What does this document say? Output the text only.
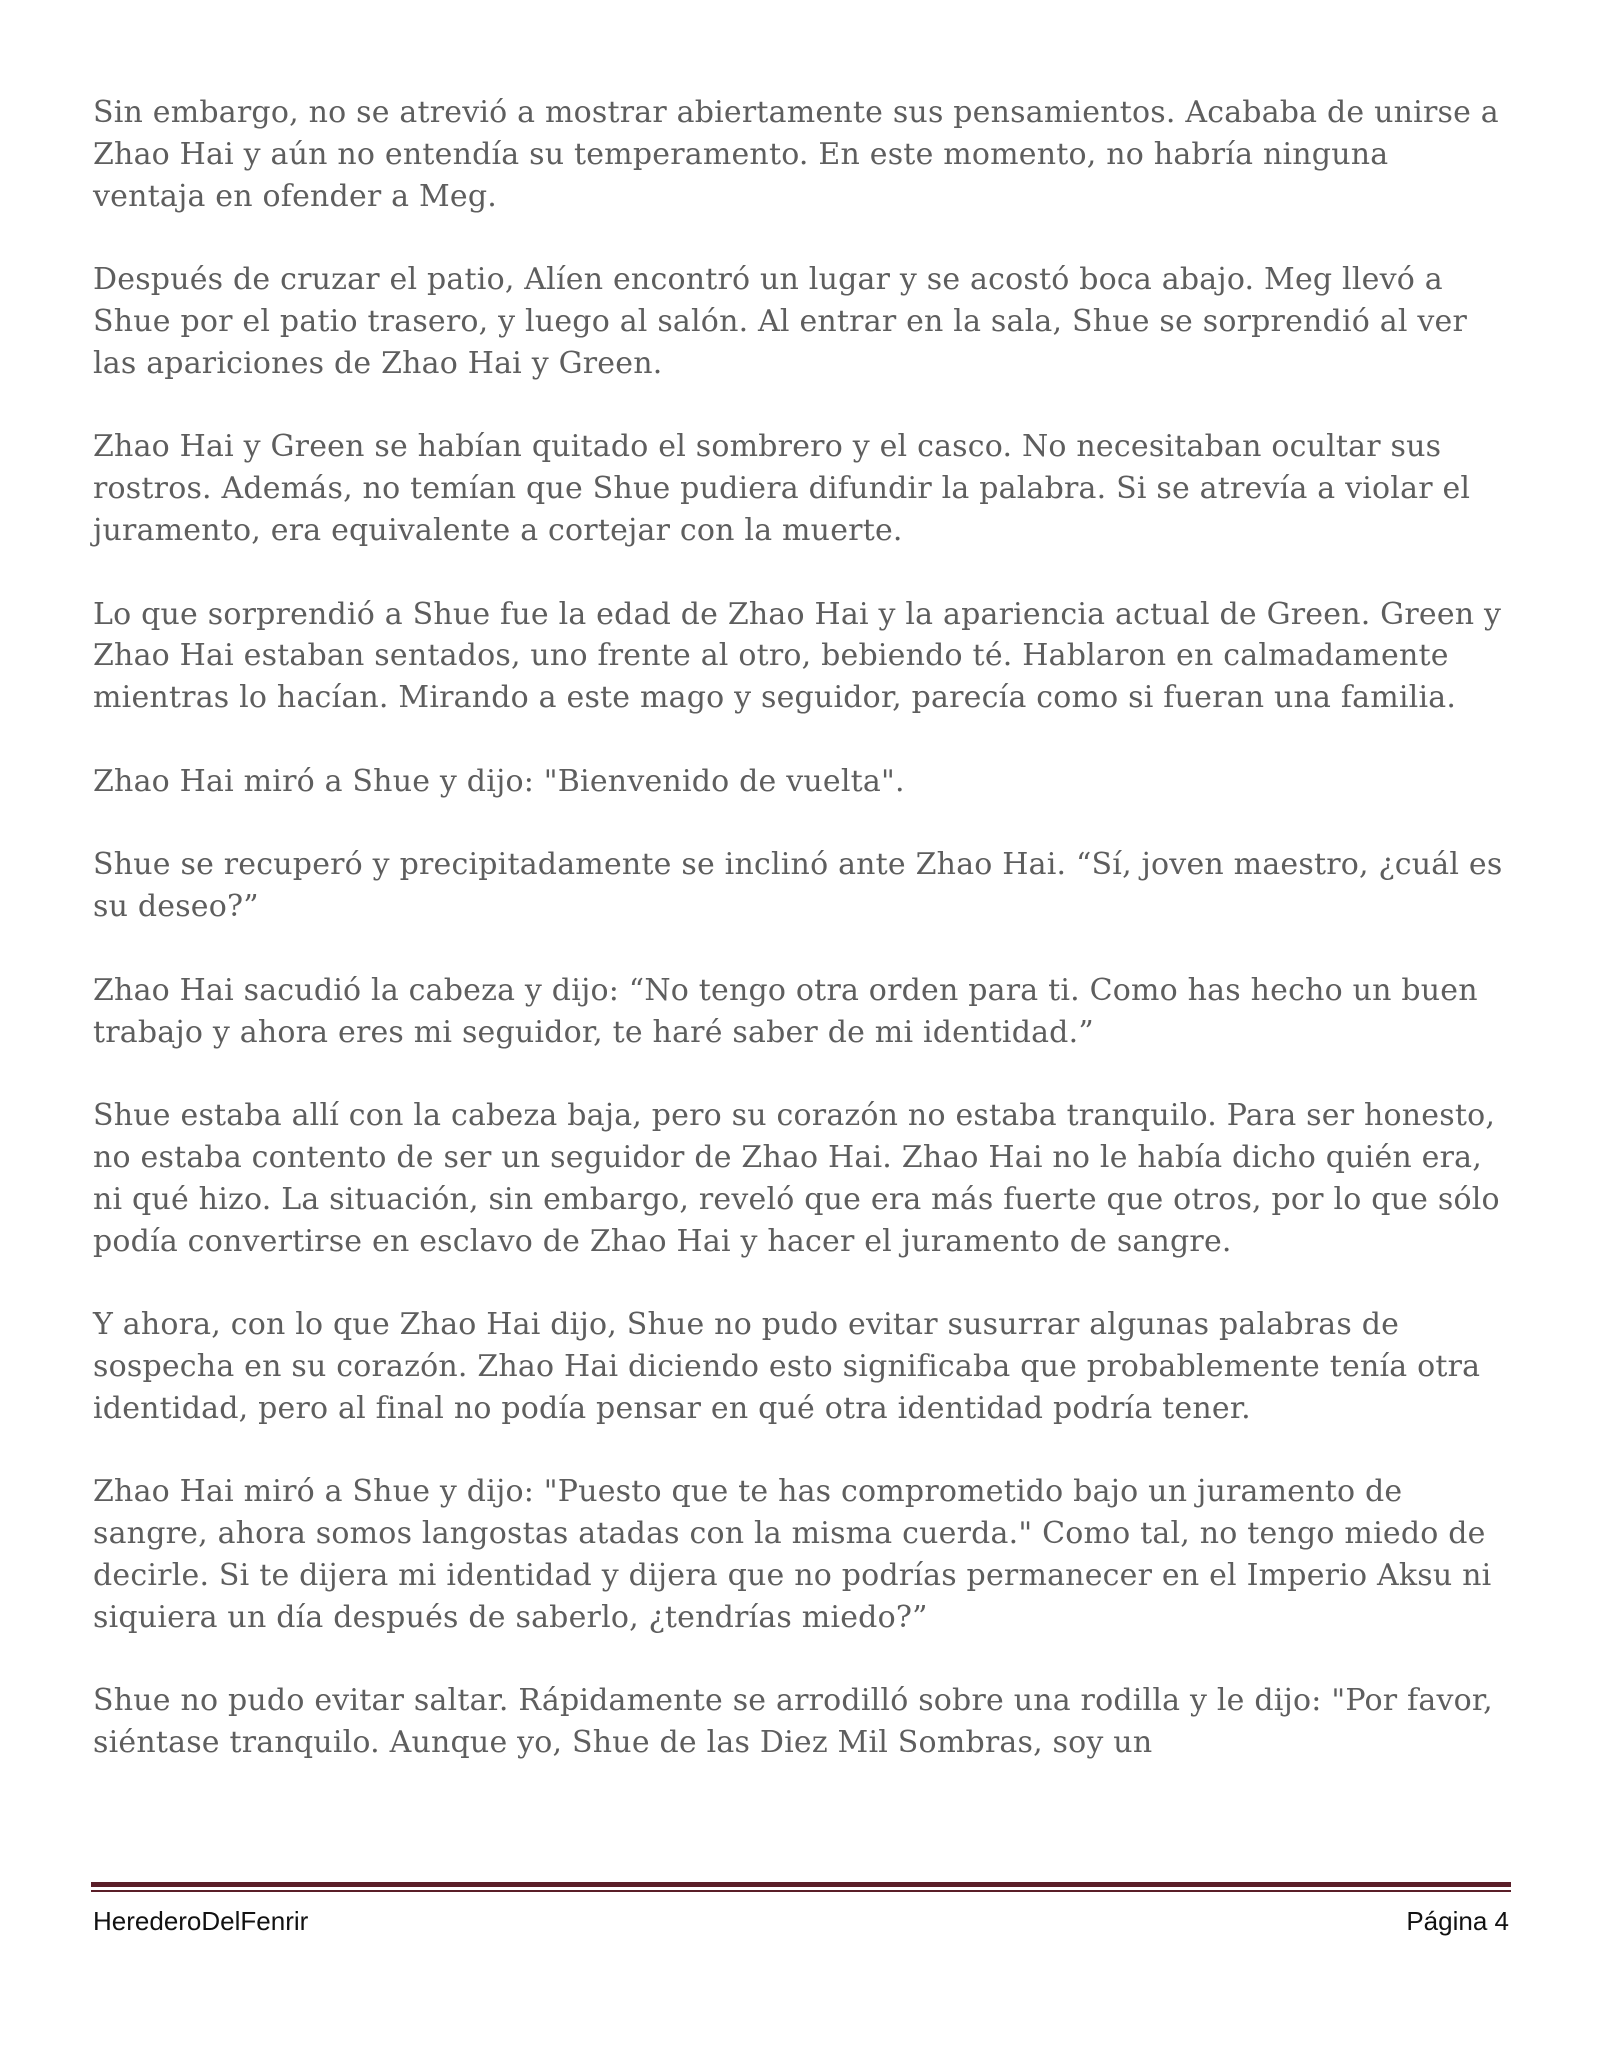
Sin embargo, no se atrevió a mostrar abiertamente sus pensamientos. Acababa de unirse a Zhao Hai y aún no entendía su temperamento. En este momento, no habría ninguna ventaja en ofender a Meg.

Después de cruzar el patio, Alíen encontró un lugar y se acostó boca abajo. Meg llevó a Shue por el patio trasero, y luego al salón. Al entrar en la sala, Shue se sorprendió al ver las apariciones de Zhao Hai y Green.

Zhao Hai y Green se habían quitado el sombrero y el casco. No necesitaban ocultar sus rostros. Además, no temían que Shue pudiera difundir la palabra. Si se atrevía a violar el juramento, era equivalente a cortejar con la muerte.

Lo que sorprendió a Shue fue la edad de Zhao Hai y la apariencia actual de Green. Green y Zhao Hai estaban sentados, uno frente al otro, bebiendo té. Hablaron en calmadamente mientras lo hacían. Mirando a este mago y seguidor, parecía como si fueran una familia.

Zhao Hai miró a Shue y dijo: "Bienvenido de vuelta".

Shue se recuperó y precipitadamente se inclinó ante Zhao Hai. “Sí, joven maestro, ¿cuál es su deseo?”

Zhao Hai sacudió la cabeza y dijo: “No tengo otra orden para ti. Como has hecho un buen trabajo y ahora eres mi seguidor, te haré saber de mi identidad.”

Shue estaba allí con la cabeza baja, pero su corazón no estaba tranquilo. Para ser honesto, no estaba contento de ser un seguidor de Zhao Hai. Zhao Hai no le había dicho quién era, ni qué hizo. La situación, sin embargo, reveló que era más fuerte que otros, por lo que sólo podía convertirse en esclavo de Zhao Hai y hacer el juramento de sangre.

Y ahora, con lo que Zhao Hai dijo, Shue no pudo evitar susurrar algunas palabras de sospecha en su corazón. Zhao Hai diciendo esto significaba que probablemente tenía otra identidad, pero al final no podía pensar en qué otra identidad podría tener.

Zhao Hai miró a Shue y dijo: "Puesto que te has comprometido bajo un juramento de sangre, ahora somos langostas atadas con la misma cuerda." Como tal, no tengo miedo de decirle. Si te dijera mi identidad y dijera que no podrías permanecer en el Imperio Aksu ni siquiera un día después de saberlo, ¿tendrías miedo?”

Shue no pudo evitar saltar. Rápidamente se arrodilló sobre una rodilla y le dijo: "Por favor, siéntase tranquilo. Aunque yo, Shue de las Diez Mil Sombras, soy un

HerederoDelFenrir	Página 4
